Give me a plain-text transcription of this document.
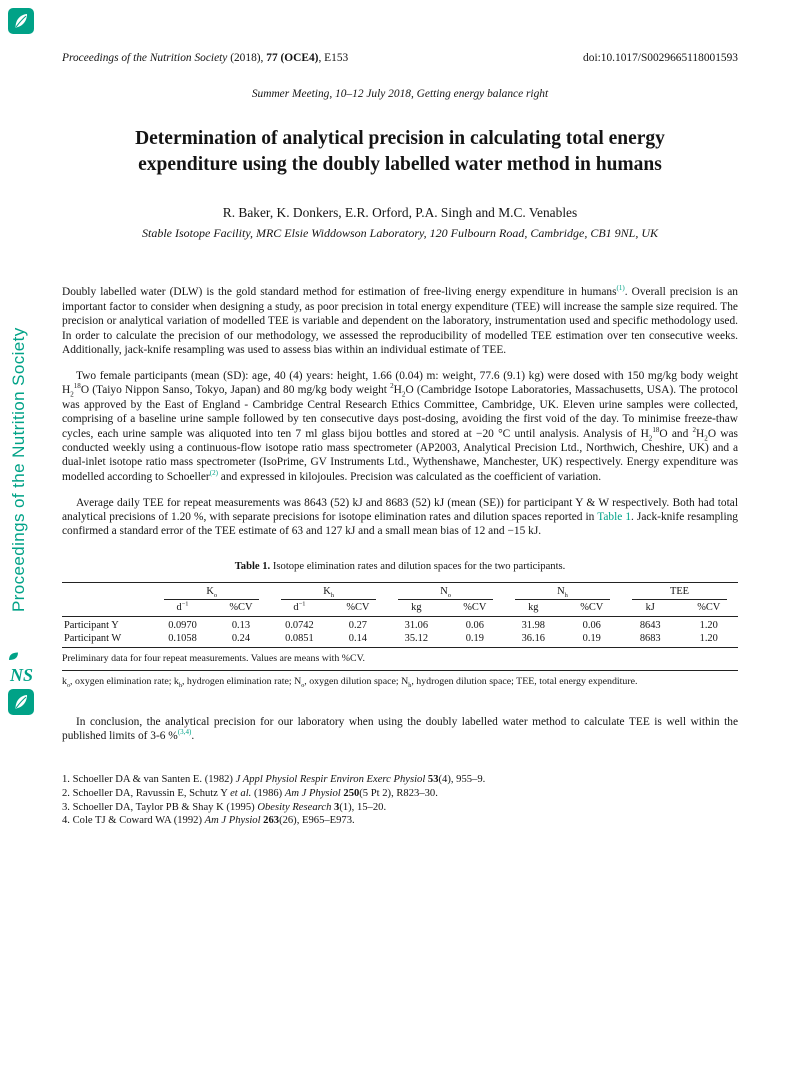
Proceedings of the Nutrition Society
NS
Proceedings of the Nutrition Society (2018), 77 (OCE4), E153	doi:10.1017/S0029665118001593
Summer Meeting, 10–12 July 2018, Getting energy balance right
Determination of analytical precision in calculating total energy expenditure using the doubly labelled water method in humans
R. Baker, K. Donkers, E.R. Orford, P.A. Singh and M.C. Venables
Stable Isotope Facility, MRC Elsie Widdowson Laboratory, 120 Fulbourn Road, Cambridge, CB1 9NL, UK

Doubly labelled water (DLW) is the gold standard method for estimation of free-living energy expenditure in humans$^{(1)}$. Overall precision is an important factor to consider when designing a study, as poor precision in total energy expenditure (TEE) will increase the sample size required. The precision or analytical variation of modelled TEE is variable and dependent on the laboratory, instrumentation used and specific methodology used. In order to calculate the precision of our methodology, we assessed the reproducibility of modelled TEE estimation over ten consecutive weeks. Additionally, jack-knife resampling was used to assess bias within an individual estimate of TEE.

Two female participants (mean (SD): age, 40 (4) years: height, 1.66 (0.04) m: weight, 77.6 (9.1) kg) were dosed with 150 mg/kg body weight $H_2^{18}O$ (Taiyo Nippon Sanso, Tokyo, Japan) and 80 mg/kg body weight $^2H_2O$ (Cambridge Isotope Laboratories, Massachusetts, USA). The protocol was approved by the East of England - Cambridge Central Research Ethics Committee, Cambridge, UK. Eleven urine samples were collected, comprising of a baseline urine sample followed by ten consecutive days post-dosing, avoiding the first void of the day. To minimise freeze-thaw cycles, each urine sample was aliquoted into ten 7 ml glass bijou bottles and stored at −20 °C until analysis. Analysis of $H_2^{18}O$ and $^2H_2O$ was conducted weekly using a continuous-flow isotope ratio mass spectrometer (AP2003, Analytical Precision Ltd., Northwich, Cheshire, UK) and a dual-inlet isotope ratio mass spectrometer (IsoPrime, GV Instruments Ltd., Wythenshawe, Manchester, UK) respectively. Energy expenditure was modelled according to Schoeller$^{(2)}$ and expressed in kilojoules. Precision was calculated as the coefficient of variation.

Average daily TEE for repeat measurements was 8643 (52) kJ and 8683 (52) kJ (mean (SE)) for participant Y & W respectively. Both had total analytical precisions of 1.20 %, with separate precisions for isotope elimination rates and dilution spaces reported in Table 1. Jack-knife resampling confirmed a standard error of the TEE estimate of 63 and 127 kJ and a small mean bias of 12 and −15 kJ.

Table 1. Isotope elimination rates and dilution spaces for the two participants.

	$K_o$		$K_h$		$N_o$		$N_h$		TEE	

	$d^{-1}$	%CV	$d^{-1}$	%CV	kg	%CV	kg	%CV	kJ	%CV
Participant Y	0.0970	0.13	0.0742	0.27	31.06	0.06	31.98	0.06	8643	1.20
Participant W	0.1058	0.24	0.0851	0.14	35.12	0.19	36.16	0.19	8683	1.20
Preliminary data for four repeat measurements. Values are means with %CV.
$k_o$, oxygen elimination rate; $k_h$, hydrogen elimination rate; $N_o$, oxygen dilution space; $N_h$, hydrogen dilution space; TEE, total energy expenditure.

In conclusion, the analytical precision for our laboratory when using the doubly labelled water method to calculate TEE is well within the published limits of 3-6 %$^{(3,4)}$.

1. Schoeller DA & van Santen E. (1982) J Appl Physiol Respir Environ Exerc Physiol 53(4), 955–9.
2. Schoeller DA, Ravussin E, Schutz Y et al. (1986) Am J Physiol 250(5 Pt 2), R823–30.
3. Schoeller DA, Taylor PB & Shay K (1995) Obesity Research 3(1), 15–20.
4. Cole TJ & Coward WA (1992) Am J Physiol 263(26), E965–E973.
